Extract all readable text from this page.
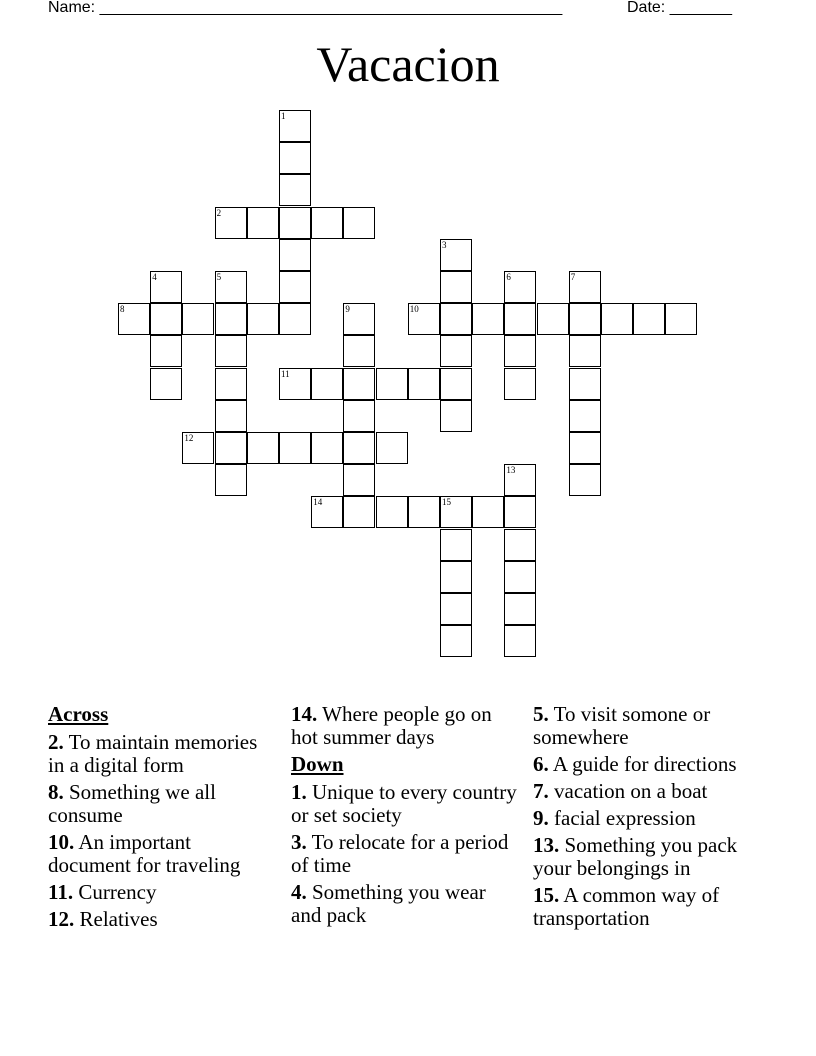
Name: ____________________________________________________	Date: _______
Vacacion
1
2
3
4	5	6	7
8	9	10
11
12
13
14	15
Across
2. To maintain memories in a digital form
8. Something we all consume
10. An important document for traveling
11. Currency
12. Relatives
14. Where people go on hot summer days
Down
1. Unique to every country or set society
3. To relocate for a period of time
4. Something you wear and pack
5. To visit somone or somewhere
6. A guide for directions
7. vacation on a boat
9. facial expression
13. Something you pack your belongings in
15. A common way of transportation
